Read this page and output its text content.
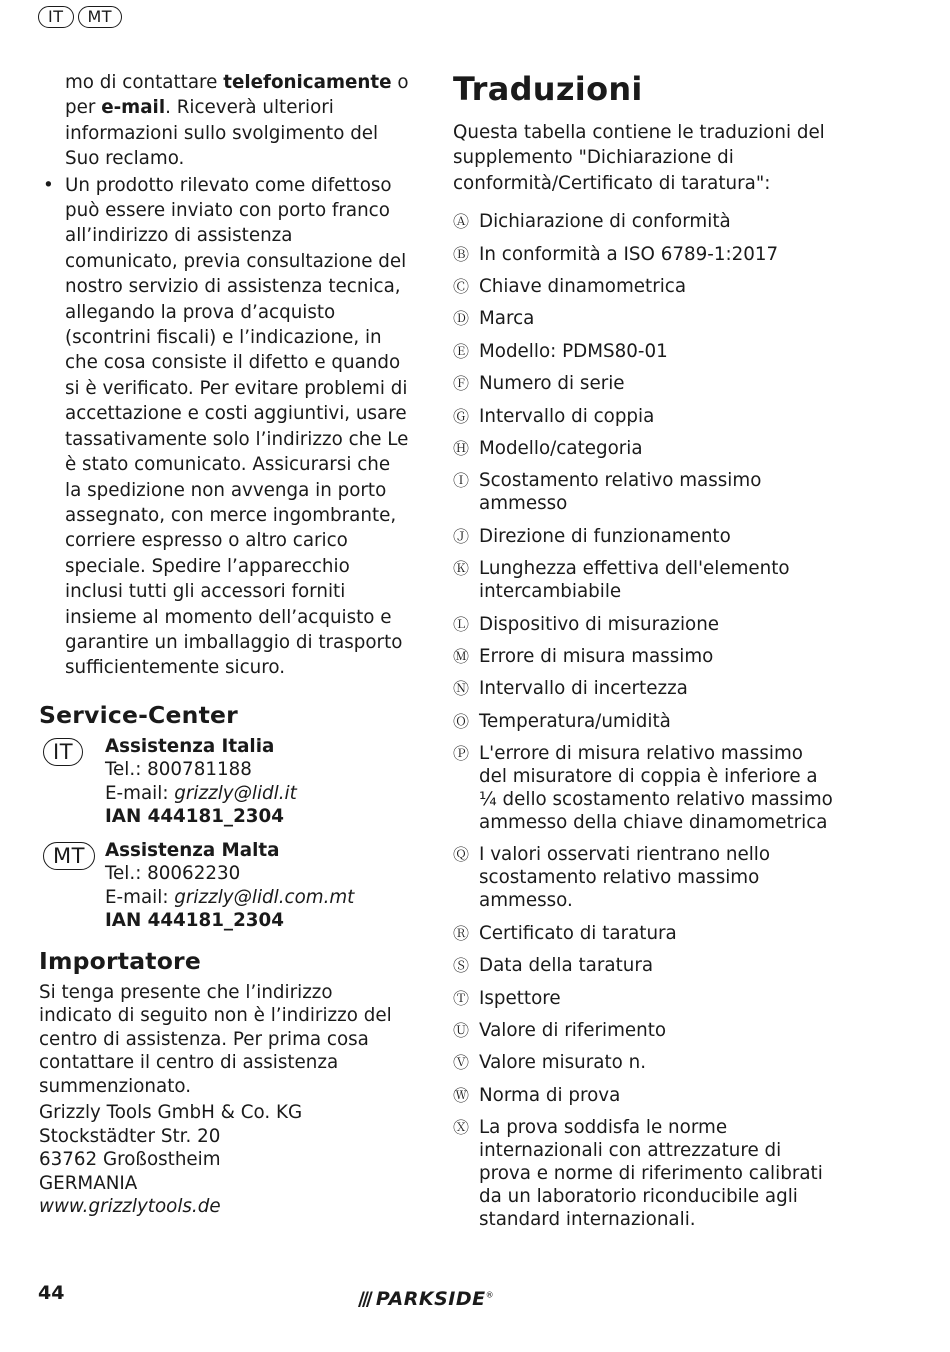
IT	MT

mo di contattare telefonicamente o per e-mail. Riceverà ulteriori informazioni sullo svolgimento del Suo reclamo.

• Un prodotto rilevato come difettoso può essere inviato con porto franco all’indirizzo di assistenza comunicato, previa consultazione del nostro servizio di assistenza tecnica, allegando la prova d’acquisto (scontrini fiscali) e l’indicazione, in che cosa consiste il difetto e quando si è verificato. Per evitare problemi di accettazione e costi aggiuntivi, usare tassativamente solo l’indirizzo che Le è stato comunicato. Assicurarsi che la spedizione non avvenga in porto assegnato, con merce ingombrante, corriere espresso o altro carico speciale. Spedire l’apparecchio inclusi tutti gli accessori forniti insieme al momento dell’acquisto e garantire un imballaggio di trasporto sufficientemente sicuro.
Service-Center
IT	Assistenza Italia
Tel.: 800781188
E-mail: grizzly@lidl.it
IAN 444181_2304
MT	Assistenza Malta
Tel.: 80062230
E-mail: grizzly@lidl.com.mt
IAN 444181_2304
Importatore

Si tenga presente che l’indirizzo indicato di seguito non è l’indirizzo del centro di assistenza. Per prima cosa contattare il centro di assistenza summenzionato.

Grizzly Tools GmbH & Co. KG

Stockstädter Str. 20

63762 Großostheim

GERMANIA

www.grizzlytools.de

Traduzioni

Questa tabella contiene le traduzioni del supplemento "Dichiarazione di conformità/Certificato di taratura":

Ⓐ Dichiarazione di conformità
Ⓑ In conformità a ISO 6789-1:2017
Ⓒ Chiave dinamometrica
Ⓓ Marca
Ⓔ Modello: PDMS80-01
Ⓕ Numero di serie
Ⓖ Intervallo di coppia
Ⓗ Modello/categoria
Ⓘ Scostamento relativo massimo ammesso
Ⓙ Direzione di funzionamento
Ⓚ Lunghezza effettiva dell'elemento intercambiabile
Ⓛ Dispositivo di misurazione
Ⓜ Errore di misura massimo
Ⓝ Intervallo di incertezza
Ⓞ Temperatura/umidità
Ⓟ L'errore di misura relativo massimo del misuratore di coppia è inferiore a ¼ dello scostamento relativo massimo ammesso della chiave dinamometrica
Ⓠ I valori osservati rientrano nello scostamento relativo massimo ammesso.
Ⓡ Certificato di taratura
Ⓢ Data della taratura
Ⓣ Ispettore
Ⓤ Valore di riferimento
Ⓥ Valore misurato n.
Ⓦ Norma di prova
Ⓧ La prova soddisfa le norme internazionali con attrezzature di prova e norme di riferimento calibrati da un laboratorio riconducibile agli standard internazionali.
44	/// PARKSIDE®
